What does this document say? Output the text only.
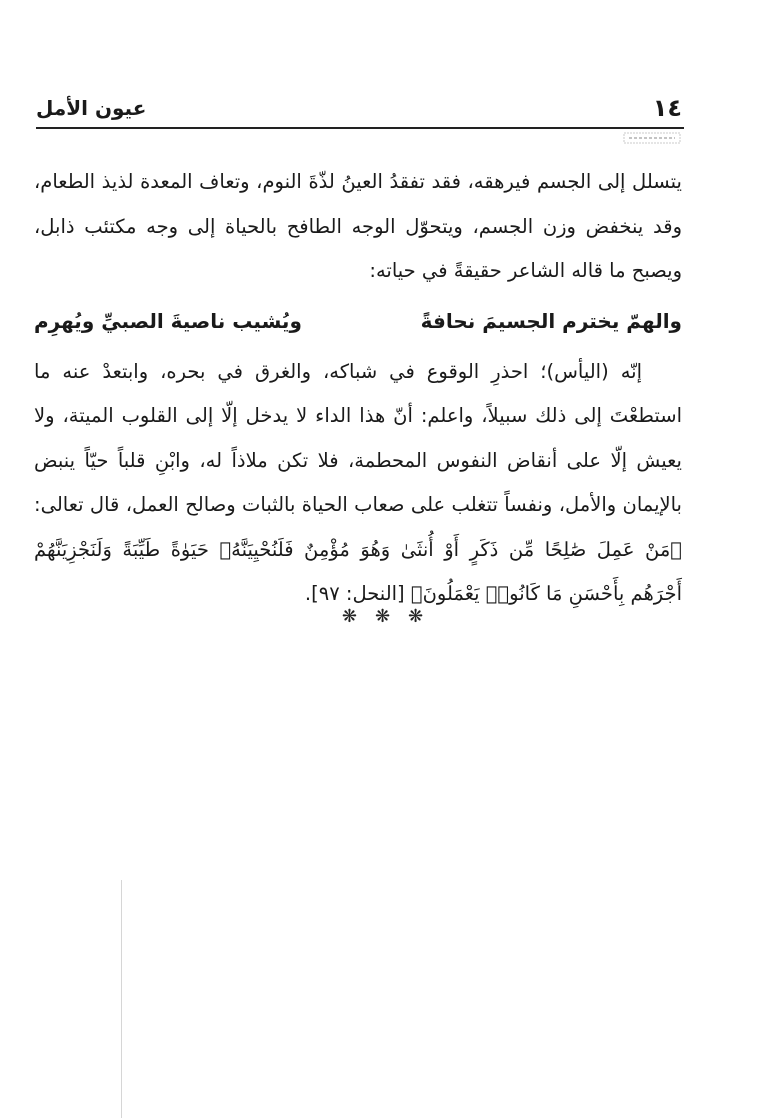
١٤
عيون الأمل

يتسلل إلى الجسم فيرهقه، فقد تفقدُ العينُ لذّةَ النوم، وتعاف المعدة لذيذ الطعام، وقد ينخفض وزن الجسم، ويتحوّل الوجه الطافح بالحياة إلى وجه مكتئب ذابل، ويصبح ما قاله الشاعر حقيقةً في حياته:

والهمّ يخترم الجسيمَ نحافةً
ويُشيب ناصيةَ الصبيِّ ويُهرِم

إنّه (اليأس)؛ احذرِ الوقوع في شباكه، والغرق في بحره، وابتعدْ عنه ما استطعْتَ إلى ذلك سبيلاً، واعلم: أنّ هذا الداء لا يدخل إلّا إلى القلوب الميتة، ولا يعيش إلّا على أنقاض النفوس المحطمة، فلا تكن ملاذاً له، وابْنِ قلباً حيّاً ينبض بالإيمان والأمل، ونفساً تتغلب على صعاب الحياة بالثبات وصالح العمل، قال تعالى: ﴿مَنْ عَمِلَ صَٰلِحًا مِّن ذَكَرٍ أَوْ أُنثَىٰ وَهُوَ مُؤْمِنٌ فَلَنُحْيِيَنَّهُۥ حَيَوٰةً طَيِّبَةً وَلَنَجْزِيَنَّهُمْ أَجْرَهُم بِأَحْسَنِ مَا كَانُوا۟ يَعْمَلُونَ﴾ [النحل: ٩٧].

❋❋❋
